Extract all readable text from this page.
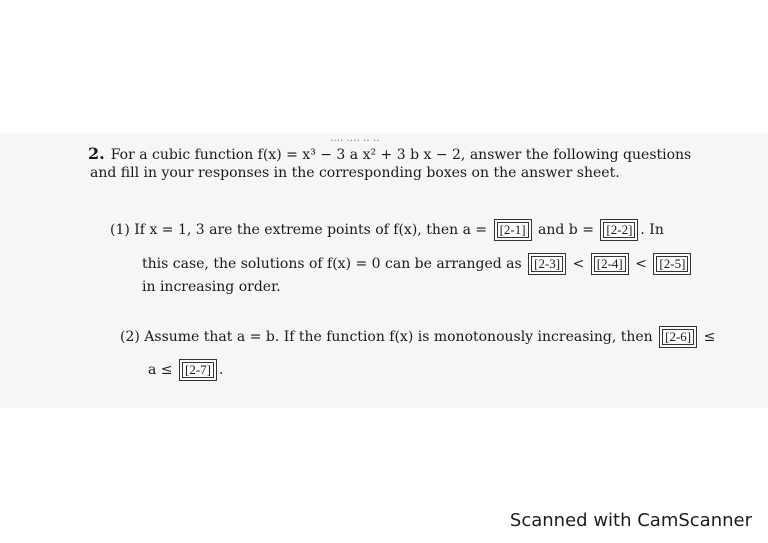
‥‥ ‥‥ ‥ ‥
2. For a cubic function f(x) = x³ − 3 a x² + 3 b x − 2, answer the following questions
and fill in your responses in the corresponding boxes on the answer sheet.
(1) If x = 1, 3 are the extreme points of f(x), then a = [2-1] and b = [2-2] . In
this case, the solutions of f(x) = 0 can be arranged as [2-3] < [2-4] < [2-5]
in increasing order.
(2) Assume that a = b. If the function f(x) is monotonously increasing, then [2-6] ≤
a ≤ [2-7] .
Scanned with CamScanner
